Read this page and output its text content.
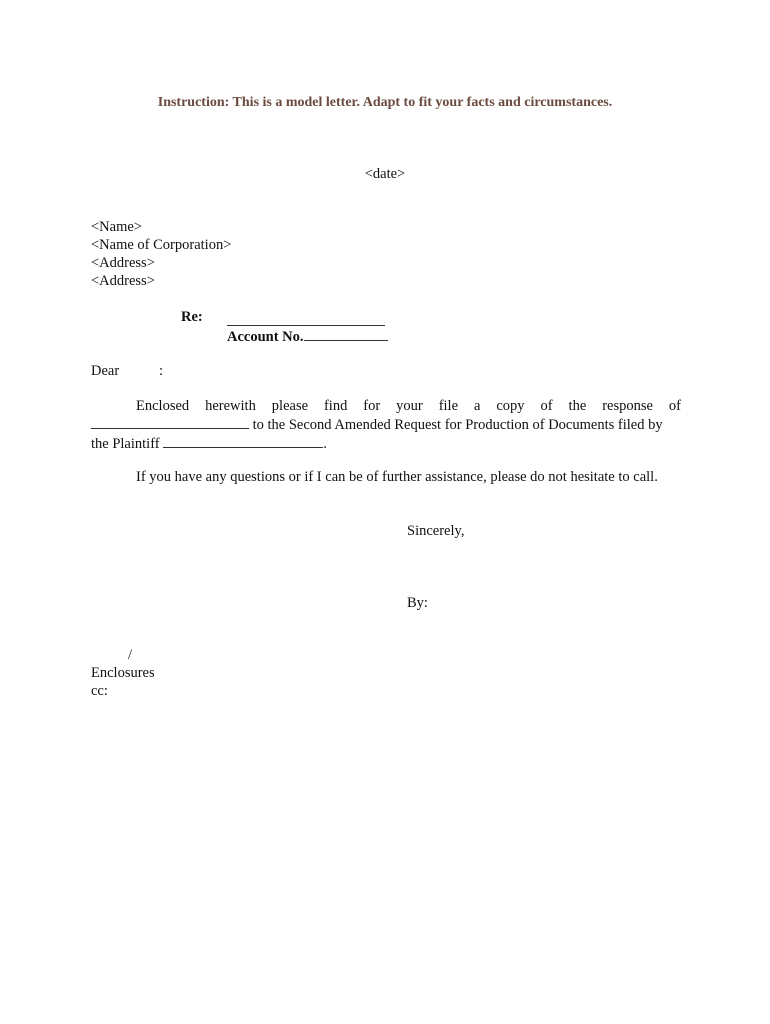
Instruction: This is a model letter. Adapt to fit your facts and circumstances.
<date>
<Name>
<Name of Corporation>
<Address>
<Address>
Re:
Account No.
Dear	:
Enclosed herewith please find for your file a copy of the response of
to the Second Amended Request for Production of Documents filed by
the Plaintiff	.
If you have any questions or if I can be of further assistance, please do not hesitate to call.
Sincerely,
By:
/
Enclosures
cc:
